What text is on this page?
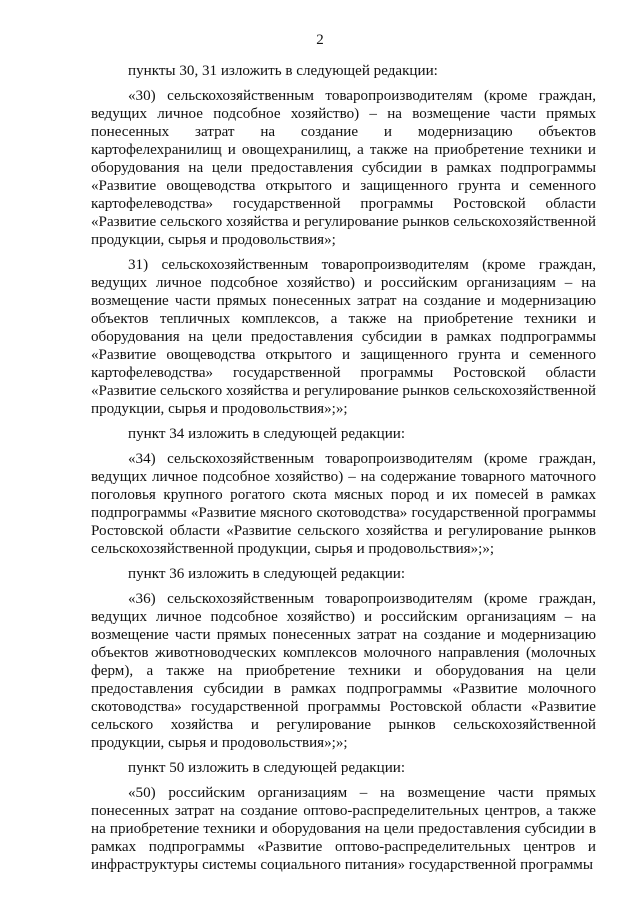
2

пункты 30, 31 изложить в следующей редакции:

«30) сельскохозяйственным товаропроизводителям (кроме граждан, ведущих личное подсобное хозяйство) – на возмещение части прямых понесенных затрат на создание и модернизацию объектов картофелехранилищ и овощехранилищ, а также на приобретение техники и оборудования на цели предоставления субсидии в рамках подпрограммы «Развитие овощеводства открытого и защищенного грунта и семенного картофелеводства» государственной программы Ростовской области «Развитие сельского хозяйства и регулирование рынков сельскохозяйственной продукции, сырья и продовольствия»;

31) сельскохозяйственным товаропроизводителям (кроме граждан, ведущих личное подсобное хозяйство) и российским организациям – на возмещение части прямых понесенных затрат на создание и модернизацию объектов тепличных комплексов, а также на приобретение техники и оборудования на цели предоставления субсидии в рамках подпрограммы «Развитие овощеводства открытого и защищенного грунта и семенного картофелеводства» государственной программы Ростовской области «Развитие сельского хозяйства и регулирование рынков сельскохозяйственной продукции, сырья и продовольствия»;»;

пункт 34 изложить в следующей редакции:

«34) сельскохозяйственным товаропроизводителям (кроме граждан, ведущих личное подсобное хозяйство) – на содержание товарного маточного поголовья крупного рогатого скота мясных пород и их помесей в рамках подпрограммы «Развитие мясного скотоводства» государственной программы Ростовской области «Развитие сельского хозяйства и регулирование рынков сельскохозяйственной продукции, сырья и продовольствия»;»;

пункт 36 изложить в следующей редакции:

«36) сельскохозяйственным товаропроизводителям (кроме граждан, ведущих личное подсобное хозяйство) и российским организациям – на возмещение части прямых понесенных затрат на создание и модернизацию объектов животноводческих комплексов молочного направления (молочных ферм), а также на приобретение техники и оборудования на цели предоставления субсидии в рамках подпрограммы «Развитие молочного скотоводства» государственной программы Ростовской области «Развитие сельского хозяйства и регулирование рынков сельскохозяйственной продукции, сырья и продовольствия»;»;

пункт 50 изложить в следующей редакции:

«50) российским организациям – на возмещение части прямых понесенных затрат на создание оптово-распределительных центров, а также на приобретение техники и оборудования на цели предоставления субсидии в рамках подпрограммы «Развитие оптово-распределительных центров и инфраструктуры системы социального питания» государственной программы
